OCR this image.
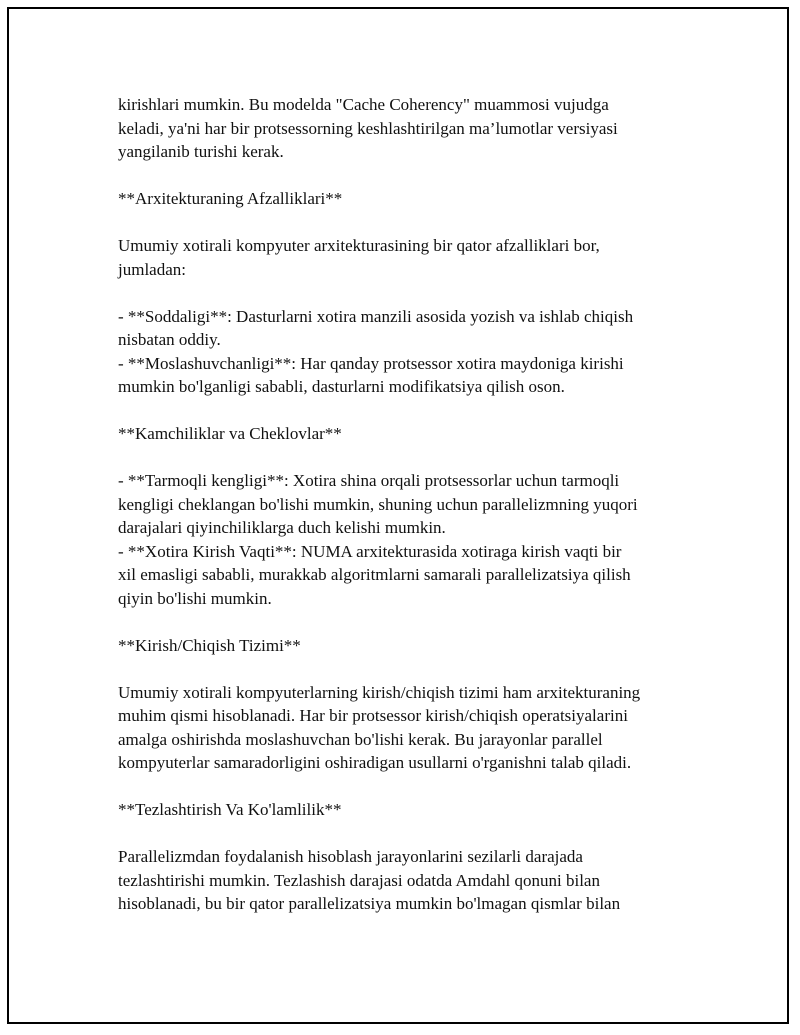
kirishlari mumkin. Bu modelda "Cache Coherency" muammosi vujudga
keladi, ya'ni har bir protsessorning keshlashtirilgan ma’lumotlar versiyasi
yangilanib turishi kerak.

**Arxitekturaning Afzalliklari**

Umumiy xotirali kompyuter arxitekturasining bir qator afzalliklari bor,
jumladan:

- **Soddaligi**: Dasturlarni xotira manzili asosida yozish va ishlab chiqish
nisbatan oddiy.
- **Moslashuvchanligi**: Har qanday protsessor xotira maydoniga kirishi
mumkin bo'lganligi sababli, dasturlarni modifikatsiya qilish oson.

**Kamchiliklar va Cheklovlar**

- **Tarmoqli kengligi**: Xotira shina orqali protsessorlar uchun tarmoqli
kengligi cheklangan bo'lishi mumkin, shuning uchun parallelizmning yuqori
darajalari qiyinchiliklarga duch kelishi mumkin.
- **Xotira Kirish Vaqti**: NUMA arxitekturasida xotiraga kirish vaqti bir
xil emasligi sababli, murakkab algoritmlarni samarali parallelizatsiya qilish
qiyin bo'lishi mumkin.

**Kirish/Chiqish Tizimi**

Umumiy xotirali kompyuterlarning kirish/chiqish tizimi ham arxitekturaning
muhim qismi hisoblanadi. Har bir protsessor kirish/chiqish operatsiyalarini
amalga oshirishda moslashuvchan bo'lishi kerak. Bu jarayonlar parallel
kompyuterlar samaradorligini oshiradigan usullarni o'rganishni talab qiladi.

**Tezlashtirish Va Ko'lamlilik**

Parallelizmdan foydalanish hisoblash jarayonlarini sezilarli darajada
tezlashtirishi mumkin. Tezlashish darajasi odatda Amdahl qonuni bilan
hisoblanadi, bu bir qator parallelizatsiya mumkin bo'lmagan qismlar bilan
